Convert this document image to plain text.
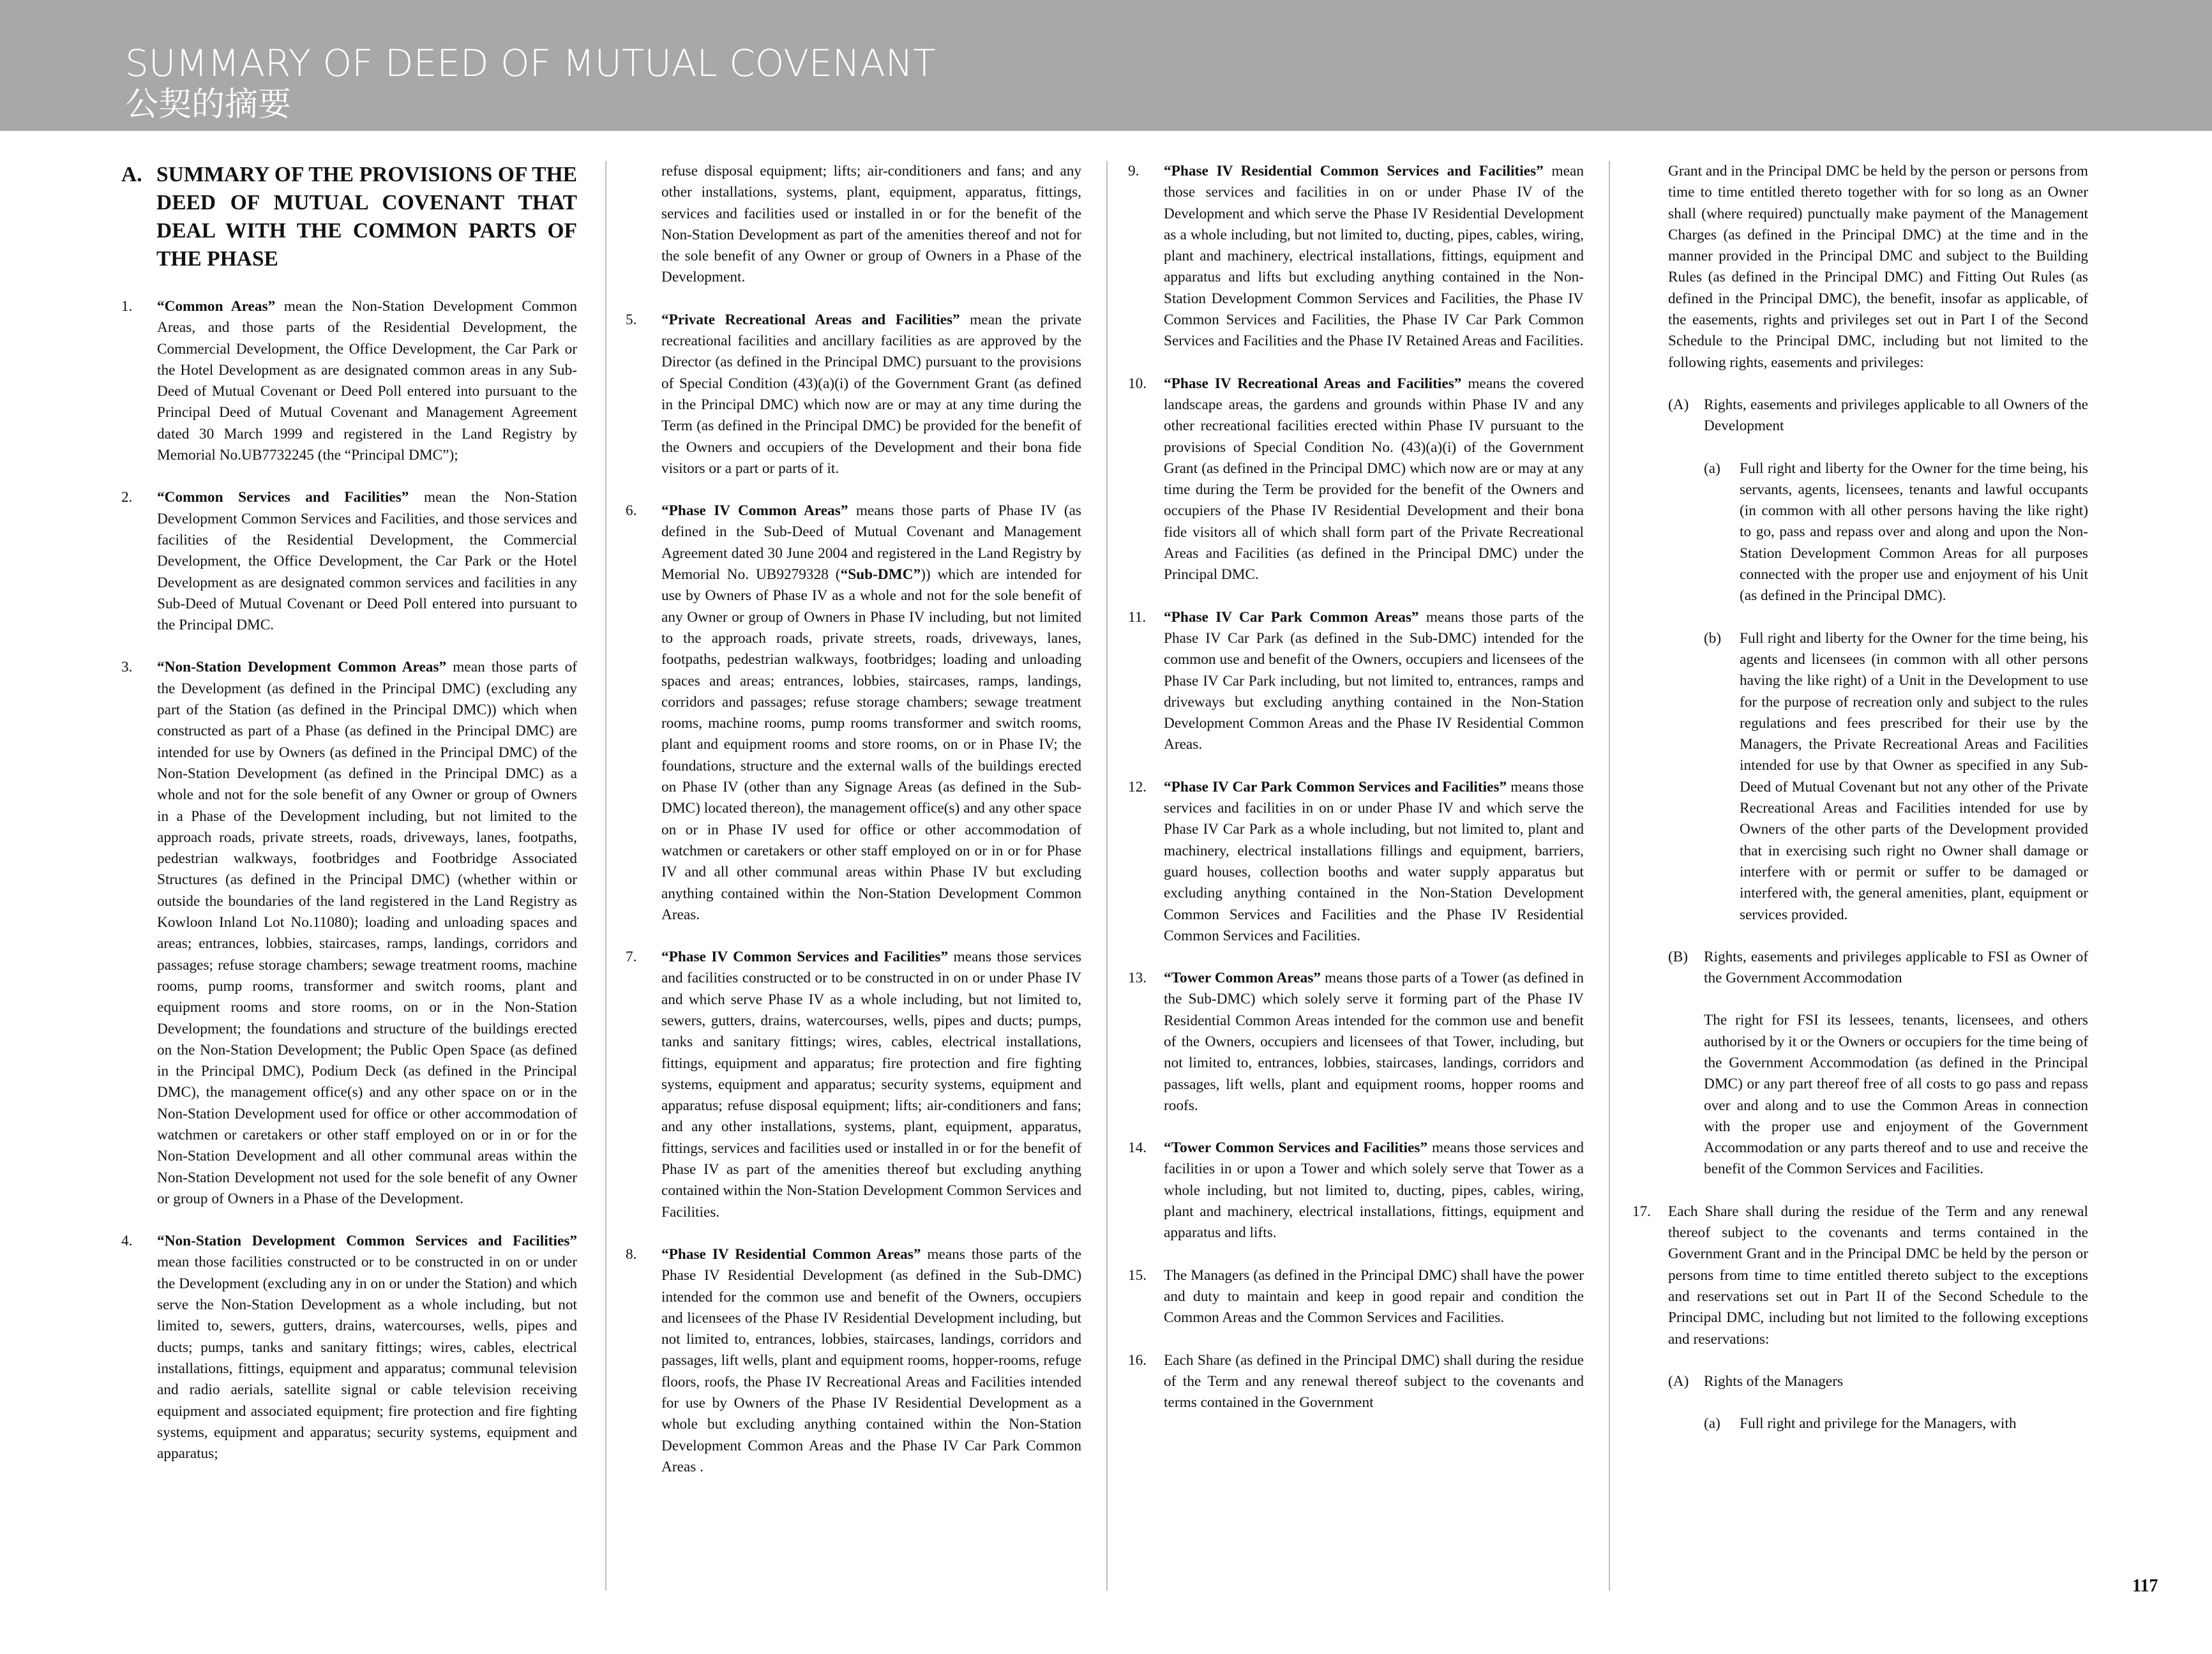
SUMMARY OF DEED OF MUTUAL COVENANT
公契的摘要
A. SUMMARY OF THE PROVISIONS OF THE DEED OF MUTUAL COVENANT THAT DEAL WITH THE COMMON PARTS OF THE PHASE
1.	“Common Areas” mean the Non-Station Development Common Areas, and those parts of the Residential Development, the Commercial Development, the Office Development, the Car Park or the Hotel Development as are designated common areas in any Sub-Deed of Mutual Covenant or Deed Poll entered into pursuant to the Principal Deed of Mutual Covenant and Management Agreement dated 30 March 1999 and registered in the Land Registry by Memorial No.UB7732245 (the “Principal DMC”);
2.	“Common Services and Facilities” mean the Non-Station Development Common Services and Facilities, and those services and facilities of the Residential Development, the Commercial Development, the Office Development, the Car Park or the Hotel Development as are designated common services and facilities in any Sub-Deed of Mutual Covenant or Deed Poll entered into pursuant to the Principal DMC.
3.	“Non-Station Development Common Areas” mean those parts of the Development (as defined in the Principal DMC) (excluding any part of the Station (as defined in the Principal DMC)) which when constructed as part of a Phase (as defined in the Principal DMC) are intended for use by Owners (as defined in the Principal DMC) of the Non-Station Development (as defined in the Principal DMC) as a whole and not for the sole benefit of any Owner or group of Owners in a Phase of the Development including, but not limited to the approach roads, private streets, roads, driveways, lanes, footpaths, pedestrian walkways, footbridges and Footbridge Associated Structures (as defined in the Principal DMC) (whether within or outside the boundaries of the land registered in the Land Registry as Kowloon Inland Lot No.11080); loading and unloading spaces and areas; entrances, lobbies, staircases, ramps, landings, corridors and passages; refuse storage chambers; sewage treatment rooms, machine rooms, pump rooms, transformer and switch rooms, plant and equipment rooms and store rooms, on or in the Non-Station Development; the foundations and structure of the buildings erected on the Non-Station Development; the Public Open Space (as defined in the Principal DMC), Podium Deck (as defined in the Principal DMC), the management office(s) and any other space on or in the Non-Station Development used for office or other accommodation of watchmen or caretakers or other staff employed on or in or for the Non-Station Development and all other communal areas within the Non-Station Development not used for the sole benefit of any Owner or group of Owners in a Phase of the Development.
4.	“Non-Station Development Common Services and Facilities” mean those facilities constructed or to be constructed in on or under the Development (excluding any in on or under the Station) and which serve the Non-Station Development as a whole including, but not limited to, sewers, gutters, drains, watercourses, wells, pipes and ducts; pumps, tanks and sanitary fittings; wires, cables, electrical installations, fittings, equipment and apparatus; communal television and radio aerials, satellite signal or cable television receiving equipment and associated equipment; fire protection and fire fighting systems, equipment and apparatus; security systems, equipment and apparatus;
refuse disposal equipment; lifts; air-conditioners and fans; and any other installations, systems, plant, equipment, apparatus, fittings, services and facilities used or installed in or for the benefit of the Non-Station Development as part of the amenities thereof and not for the sole benefit of any Owner or group of Owners in a Phase of the Development.
5.	“Private Recreational Areas and Facilities” mean the private recreational facilities and ancillary facilities as are approved by the Director (as defined in the Principal DMC) pursuant to the provisions of Special Condition (43)(a)(i) of the Government Grant (as defined in the Principal DMC) which now are or may at any time during the Term (as defined in the Principal DMC) be provided for the benefit of the Owners and occupiers of the Development and their bona fide visitors or a part or parts of it.
6.	“Phase IV Common Areas” means those parts of Phase IV (as defined in the Sub-Deed of Mutual Covenant and Management Agreement dated 30 June 2004 and registered in the Land Registry by Memorial No. UB9279328 (“Sub-DMC”)) which are intended for use by Owners of Phase IV as a whole and not for the sole benefit of any Owner or group of Owners in Phase IV including, but not limited to the approach roads, private streets, roads, driveways, lanes, footpaths, pedestrian walkways, footbridges; loading and unloading spaces and areas; entrances, lobbies, staircases, ramps, landings, corridors and passages; refuse storage chambers; sewage treatment rooms, machine rooms, pump rooms transformer and switch rooms, plant and equipment rooms and store rooms, on or in Phase IV; the foundations, structure and the external walls of the buildings erected on Phase IV (other than any Signage Areas (as defined in the Sub-DMC) located thereon), the management office(s) and any other space on or in Phase IV used for office or other accommodation of watchmen or caretakers or other staff employed on or in or for Phase IV and all other communal areas within Phase IV but excluding anything contained within the Non-Station Development Common Areas.
7.	“Phase IV Common Services and Facilities” means those services and facilities constructed or to be constructed in on or under Phase IV and which serve Phase IV as a whole including, but not limited to, sewers, gutters, drains, watercourses, wells, pipes and ducts; pumps, tanks and sanitary fittings; wires, cables, electrical installations, fittings, equipment and apparatus; fire protection and fire fighting systems, equipment and apparatus; security systems, equipment and apparatus; refuse disposal equipment; lifts; air-conditioners and fans; and any other installations, systems, plant, equipment, apparatus, fittings, services and facilities used or installed in or for the benefit of Phase IV as part of the amenities thereof but excluding anything contained within the Non-Station Development Common Services and Facilities.
8.	“Phase IV Residential Common Areas” means those parts of the Phase IV Residential Development (as defined in the Sub-DMC) intended for the common use and benefit of the Owners, occupiers and licensees of the Phase IV Residential Development including, but not limited to, entrances, lobbies, staircases, landings, corridors and passages, lift wells, plant and equipment rooms, hopper-rooms, refuge floors, roofs, the Phase IV Recreational Areas and Facilities intended for use by Owners of the Phase IV Residential Development as a whole but excluding anything contained within the Non-Station Development Common Areas and the Phase IV Car Park Common Areas .
9.	“Phase IV Residential Common Services and Facilities” mean those services and facilities in on or under Phase IV of the Development and which serve the Phase IV Residential Development as a whole including, but not limited to, ducting, pipes, cables, wiring, plant and machinery, electrical installations, fittings, equipment and apparatus and lifts but excluding anything contained in the Non-Station Development Common Services and Facilities, the Phase IV Common Services and Facilities, the Phase IV Car Park Common Services and Facilities and the Phase IV Retained Areas and Facilities.
10.	“Phase IV Recreational Areas and Facilities” means the covered landscape areas, the gardens and grounds within Phase IV and any other recreational facilities erected within Phase IV pursuant to the provisions of Special Condition No. (43)(a)(i) of the Government Grant (as defined in the Principal DMC) which now are or may at any time during the Term be provided for the benefit of the Owners and occupiers of the Phase IV Residential Development and their bona fide visitors all of which shall form part of the Private Recreational Areas and Facilities (as defined in the Principal DMC) under the Principal DMC.
11.	“Phase IV Car Park Common Areas” means those parts of the Phase IV Car Park (as defined in the Sub-DMC) intended for the common use and benefit of the Owners, occupiers and licensees of the Phase IV Car Park including, but not limited to, entrances, ramps and driveways but excluding anything contained in the Non-Station Development Common Areas and the Phase IV Residential Common Areas.
12.	“Phase IV Car Park Common Services and Facilities” means those services and facilities in on or under Phase IV and which serve the Phase IV Car Park as a whole including, but not limited to, plant and machinery, electrical installations fillings and equipment, barriers, guard houses, collection booths and water supply apparatus but excluding anything contained in the Non-Station Development Common Services and Facilities and the Phase IV Residential Common Services and Facilities.
13.	“Tower Common Areas” means those parts of a Tower (as defined in the Sub-DMC) which solely serve it forming part of the Phase IV Residential Common Areas intended for the common use and benefit of the Owners, occupiers and licensees of that Tower, including, but not limited to, entrances, lobbies, staircases, landings, corridors and passages, lift wells, plant and equipment rooms, hopper rooms and roofs.
14.	“Tower Common Services and Facilities” means those services and facilities in or upon a Tower and which solely serve that Tower as a whole including, but not limited to, ducting, pipes, cables, wiring, plant and machinery, electrical installations, fittings, equipment and apparatus and lifts.
15.	The Managers (as defined in the Principal DMC) shall have the power and duty to maintain and keep in good repair and condition the Common Areas and the Common Services and Facilities.
16.	Each Share (as defined in the Principal DMC) shall during the residue of the Term and any renewal thereof subject to the covenants and terms contained in the Government
Grant and in the Principal DMC be held by the person or persons from time to time entitled thereto together with for so long as an Owner shall (where required) punctually make payment of the Management Charges (as defined in the Principal DMC) at the time and in the manner provided in the Principal DMC and subject to the Building Rules (as defined in the Principal DMC) and Fitting Out Rules (as defined in the Principal DMC), the benefit, insofar as applicable, of the easements, rights and privileges set out in Part I of the Second Schedule to the Principal DMC, including but not limited to the following rights, easements and privileges:
(A)	Rights, easements and privileges applicable to all Owners of the Development
(a)	Full right and liberty for the Owner for the time being, his servants, agents, licensees, tenants and lawful occupants (in common with all other persons having the like right) to go, pass and repass over and along and upon the Non-Station Development Common Areas for all purposes connected with the proper use and enjoyment of his Unit (as defined in the Principal DMC).
(b)	Full right and liberty for the Owner for the time being, his agents and licensees (in common with all other persons having the like right) of a Unit in the Development to use for the purpose of recreation only and subject to the rules regulations and fees prescribed for their use by the Managers, the Private Recreational Areas and Facilities intended for use by that Owner as specified in any Sub-Deed of Mutual Covenant but not any other of the Private Recreational Areas and Facilities intended for use by Owners of the other parts of the Development provided that in exercising such right no Owner shall damage or interfere with or permit or suffer to be damaged or interfered with, the general amenities, plant, equipment or services provided.
(B)	Rights, easements and privileges applicable to FSI as Owner of the Government Accommodation
The right for FSI its lessees, tenants, licensees, and others authorised by it or the Owners or occupiers for the time being of the Government Accommodation (as defined in the Principal DMC) or any part thereof free of all costs to go pass and repass over and along and to use the Common Areas in connection with the proper use and enjoyment of the Government Accommodation or any parts thereof and to use and receive the benefit of the Common Services and Facilities.
17.	Each Share shall during the residue of the Term and any renewal thereof subject to the covenants and terms contained in the Government Grant and in the Principal DMC be held by the person or persons from time to time entitled thereto subject to the exceptions and reservations set out in Part II of the Second Schedule to the Principal DMC, including but not limited to the following exceptions and reservations:
(A)	Rights of the Managers
(a)	Full right and privilege for the Managers, with
117
